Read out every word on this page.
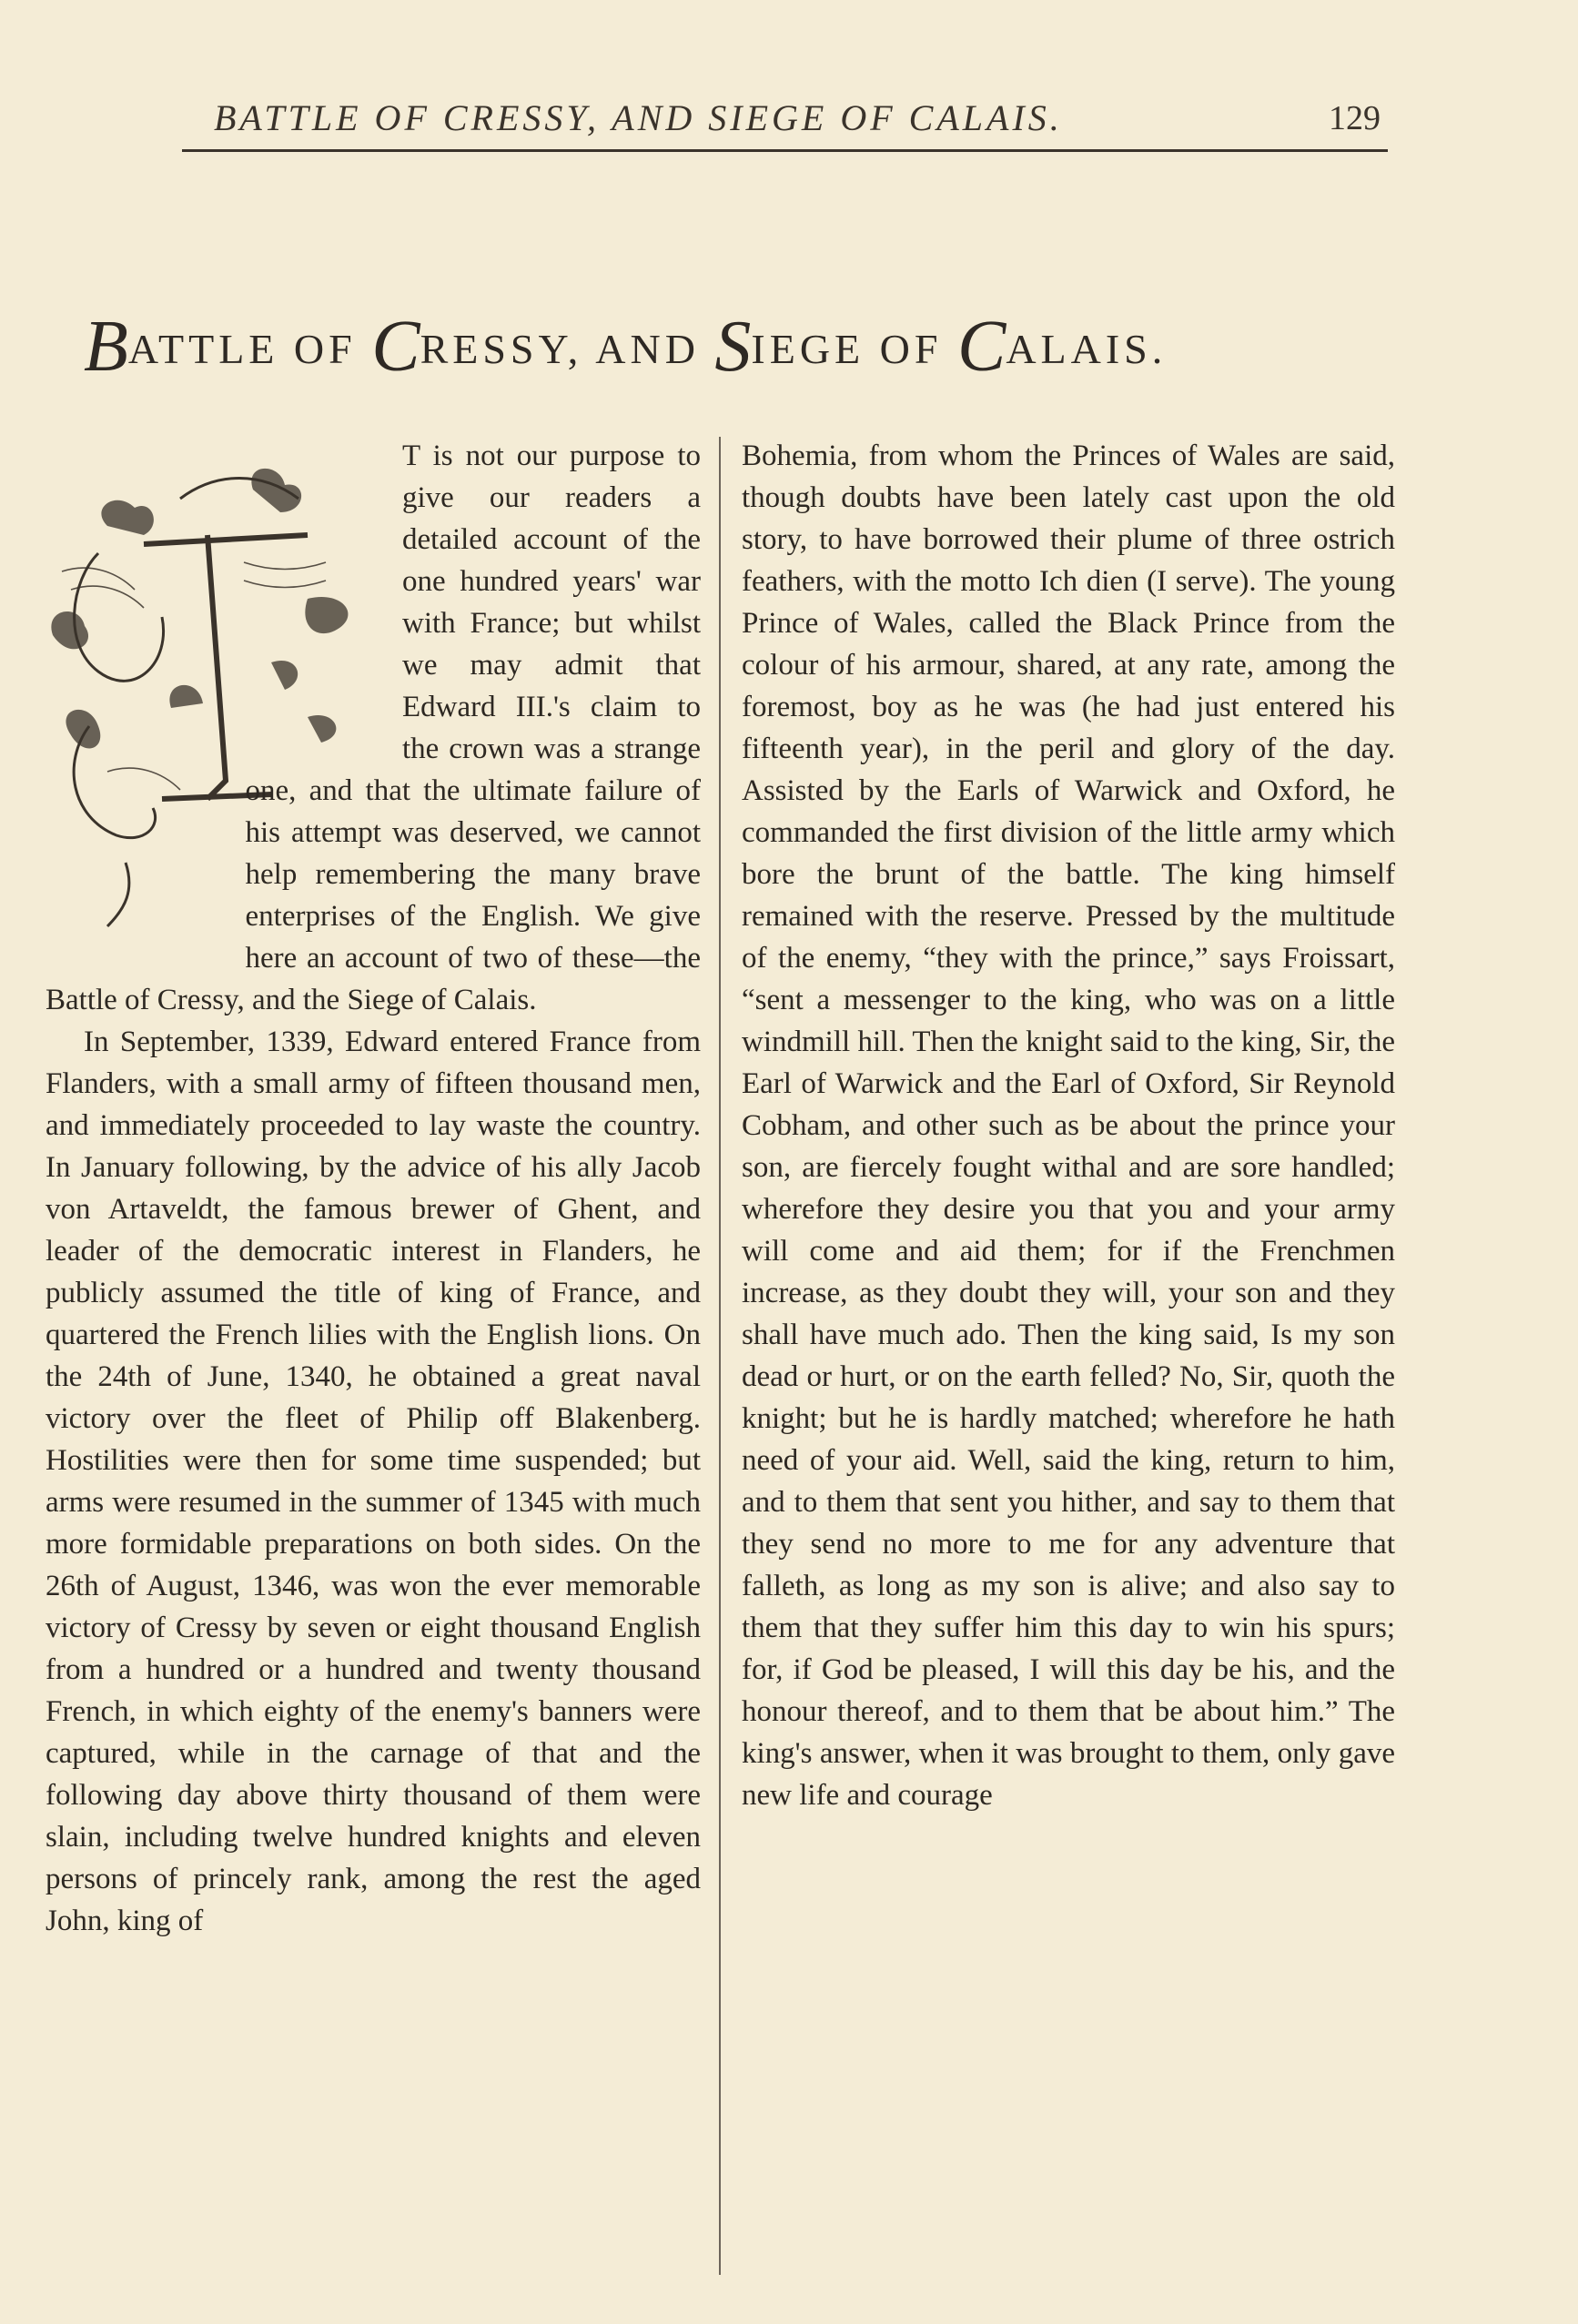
BATTLE OF CRESSY, AND SIEGE OF CALAIS.	129
BATTLE OF CRESSY, AND SIEGE OF CALAIS.

T is not our purpose to give our readers a detailed account of the one hundred years' war with France; but whilst we may admit that Edward III.'s claim to the crown was a strange one, and that the ultimate failure of his attempt was deserved, we cannot help remembering the many brave enterprises of the English. We give here an account of two of these—the Battle of Cressy, and the Siege of Calais.

In September, 1339, Edward entered France from Flanders, with a small army of fifteen thousand men, and immediately proceeded to lay waste the country. In January following, by the advice of his ally Jacob von Artaveldt, the famous brewer of Ghent, and leader of the democratic interest in Flanders, he publicly assumed the title of king of France, and quartered the French lilies with the English lions. On the 24th of June, 1340, he obtained a great naval victory over the fleet of Philip off Blakenberg. Hostilities were then for some time suspended; but arms were resumed in the summer of 1345 with much more formidable preparations on both sides. On the 26th of August, 1346, was won the ever memorable victory of Cressy by seven or eight thousand English from a hundred or a hundred and twenty thousand French, in which eighty of the enemy's banners were captured, while in the carnage of that and the following day above thirty thousand of them were slain, including twelve hundred knights and eleven persons of princely rank, among the rest the aged John, king of

Bohemia, from whom the Princes of Wales are said, though doubts have been lately cast upon the old story, to have borrowed their plume of three ostrich feathers, with the motto Ich dien (I serve). The young Prince of Wales, called the Black Prince from the colour of his armour, shared, at any rate, among the foremost, boy as he was (he had just entered his fifteenth year), in the peril and glory of the day. Assisted by the Earls of Warwick and Oxford, he commanded the first division of the little army which bore the brunt of the battle. The king himself remained with the reserve. Pressed by the multitude of the enemy, “they with the prince,” says Froissart, “sent a messenger to the king, who was on a little windmill hill. Then the knight said to the king, Sir, the Earl of Warwick and the Earl of Oxford, Sir Reynold Cobham, and other such as be about the prince your son, are fiercely fought withal and are sore handled; wherefore they desire you that you and your army will come and aid them; for if the Frenchmen increase, as they doubt they will, your son and they shall have much ado. Then the king said, Is my son dead or hurt, or on the earth felled? No, Sir, quoth the knight; but he is hardly matched; wherefore he hath need of your aid. Well, said the king, return to him, and to them that sent you hither, and say to them that they send no more to me for any adventure that falleth, as long as my son is alive; and also say to them that they suffer him this day to win his spurs; for, if God be pleased, I will this day be his, and the honour thereof, and to them that be about him.” The king's answer, when it was brought to them, only gave new life and courage
